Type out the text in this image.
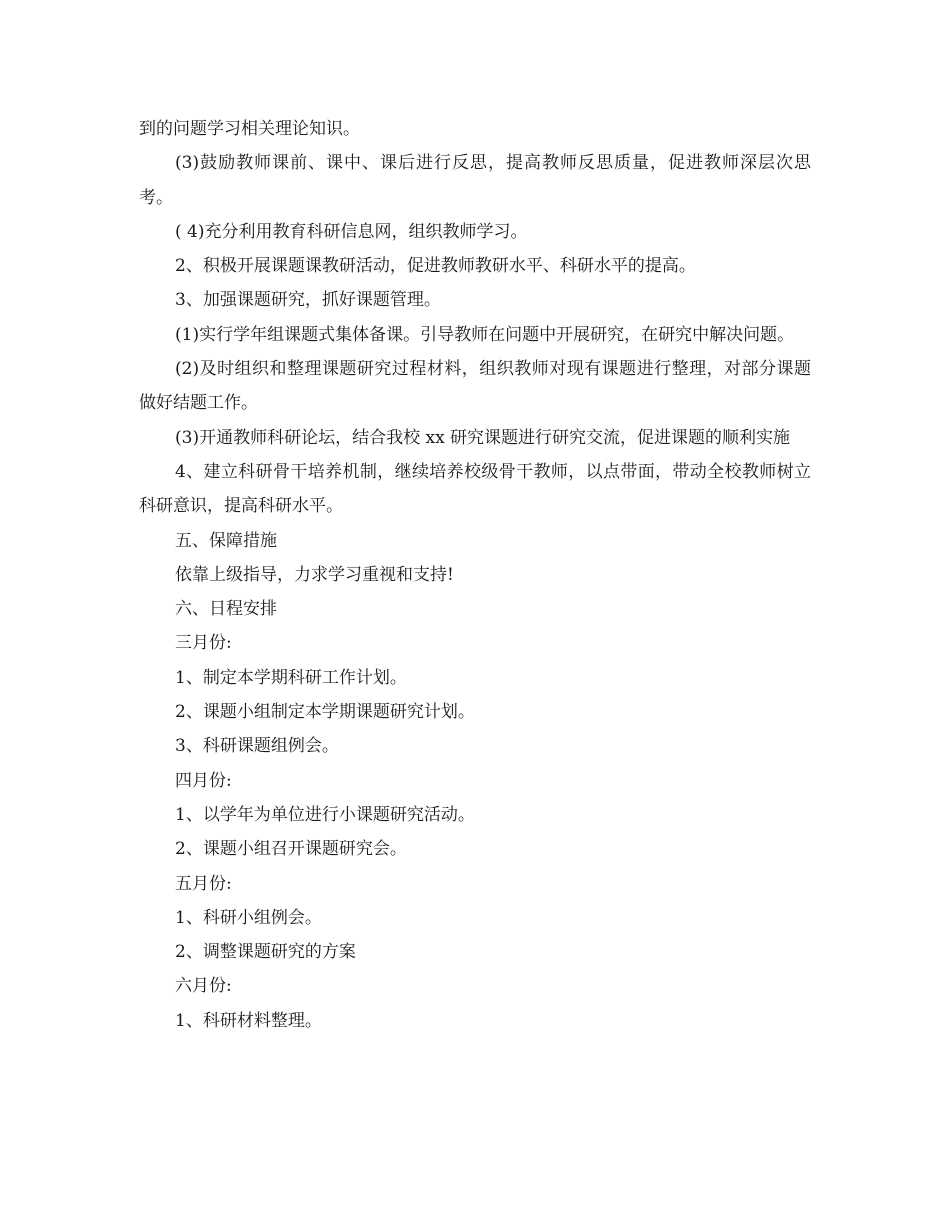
到的问题学习相关理论知识。

(3)鼓励教师课前、课中、课后进行反思，提高教师反思质量，促进教师深层次思考。

( 4)充分利用教育科研信息网，组织教师学习。

2、积极开展课题课教研活动，促进教师教研水平、科研水平的提高。

3、加强课题研究，抓好课题管理。

(1)实行学年组课题式集体备课。引导教师在问题中开展研究，在研究中解决问题。

(2)及时组织和整理课题研究过程材料，组织教师对现有课题进行整理，对部分课题做好结题工作。

(3)开通教师科研论坛，结合我校 xx 研究课题进行研究交流，促进课题的顺利实施

4、建立科研骨干培养机制，继续培养校级骨干教师，以点带面，带动全校教师树立科研意识，提高科研水平。

五、保障措施

依靠上级指导，力求学习重视和支持!

六、日程安排

三月份:

1、制定本学期科研工作计划。

2、课题小组制定本学期课题研究计划。

3、科研课题组例会。

四月份:

1、以学年为单位进行小课题研究活动。

2、课题小组召开课题研究会。

五月份:

1、科研小组例会。

2、调整课题研究的方案

六月份:

1、科研材料整理。
